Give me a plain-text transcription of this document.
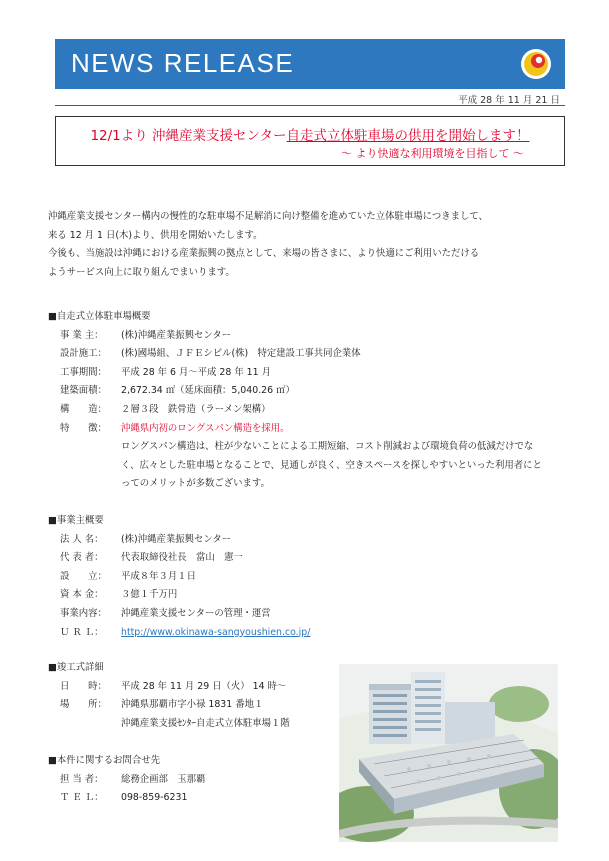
NEWS RELEASE
平成 28 年 11 月 21 日
12/1より 沖縄産業支援センター自走式立体駐車場の供用を開始します！
～ より快適な利用環境を目指して ～

沖縄産業支援センター構内の慢性的な駐車場不足解消に向け整備を進めていた立体駐車場につきまして、

来る 12 月 1 日(木)より、供用を開始いたします。

今後も、当施設は沖縄における産業振興の拠点として、来場の皆さまに、より快適にご利用いただける

ようサービス向上に取り組んでまいります。

■自走式立体駐車場概要

事 業 主：	(株)沖縄産業振興センター
設計施工：	(株)國場組、ＪＦＥシビル(株)　特定建設工事共同企業体
工事期間：	平成 28 年 6 月～平成 28 年 11 月
建築面積：	2,672.34 ㎡（延床面積：5,040.26 ㎡）
構　　造：	２層３段　鉄骨造（ラーメン架構）
特　　徴：	沖縄県内初のロングスパン構造を採用。
ロングスパン構造は、柱が少ないことによる工期短縮、コスト削減および環境負荷の低減だけでなく、広々とした駐車場となることで、見通しが良く、空きスペースを探しやすいといった利用者にとってのメリットが多数ございます。

■事業主概要

法 人 名：	(株)沖縄産業振興センター
代 表 者：	代表取締役社長　當山　憲一
設　　立：	平成８年３月１日
資 本 金：	３億１千万円
事業内容：	沖縄産業支援センターの管理・運営
Ｕ Ｒ Ｌ：	http://www.okinawa-sangyoushien.co.jp/

■竣工式詳細

日　　時：	平成 28 年 11 月 29 日（火） 14 時～
場　　所：	沖縄県那覇市字小禄 1831 番地１
沖縄産業支援ｾﾝﾀｰ自走式立体駐車場１階

■本件に関するお問合せ先

担 当 者：	総務企画部　玉那覇
Ｔ Ｅ Ｌ：	098-859-6231
